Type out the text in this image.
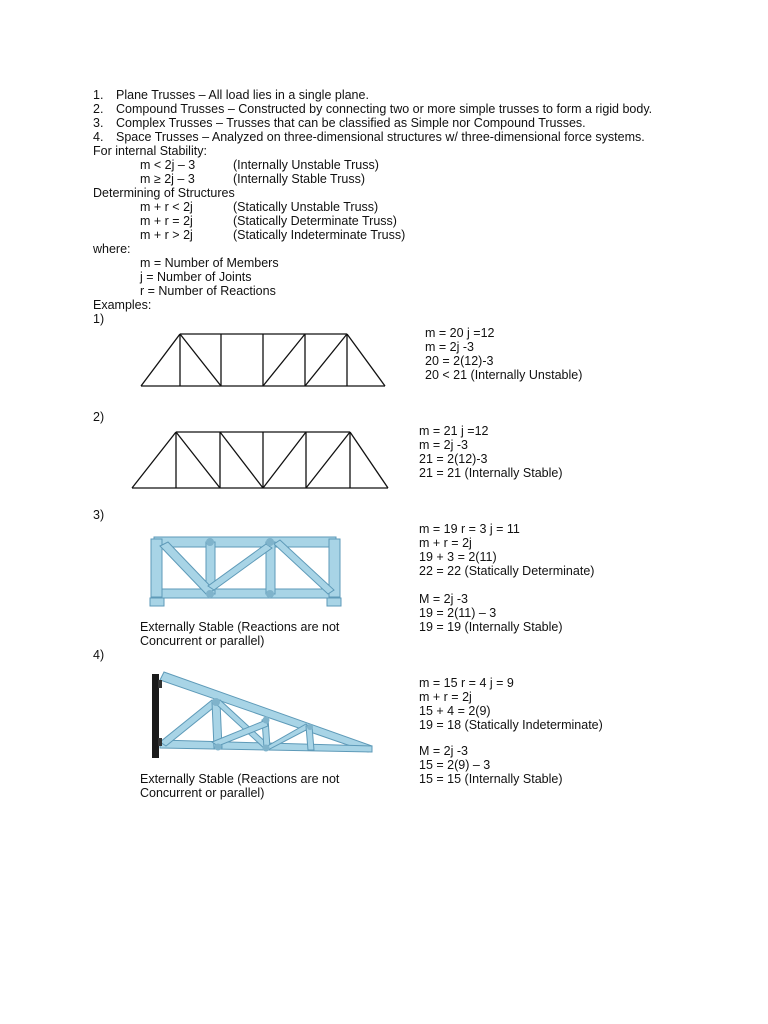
1. Plane Trusses – All load lies in a single plane.
2. Compound Trusses – Constructed by connecting two or more simple trusses to form a rigid body.
3. Complex Trusses – Trusses that can be classified as Simple nor Compound Trusses.
4. Space Trusses – Analyzed on three-dimensional structures w/ three-dimensional force systems.
For internal Stability:
m < 2j – 3	(Internally Unstable Truss)
m ≥ 2j – 3	(Internally Stable Truss)
Determining of Structures
m + r < 2j	(Statically Unstable Truss)
m + r = 2j	(Statically Determinate Truss)
m + r > 2j	(Statically Indeterminate Truss)
where:
m = Number of Members
j = Number of Joints
r = Number of Reactions
Examples:
1)
m = 20 j =12
m = 2j -3
20 = 2(12)-3
20 < 21 (Internally Unstable)
2)
m = 21 j =12
m = 2j -3
21 = 2(12)-3
21 = 21 (Internally Stable)
3)
Externally Stable (Reactions are not
Concurrent or parallel)
m = 19 r = 3 j = 11
m + r = 2j
19 + 3 = 2(11)
22 = 22 (Statically Determinate)
M = 2j -3
19 = 2(11) – 3
19 = 19 (Internally Stable)
4)
Externally Stable (Reactions are not
Concurrent or parallel)
m = 15 r = 4 j = 9
m + r = 2j
15 + 4 = 2(9)
19 = 18 (Statically Indeterminate)
M = 2j -3
15 = 2(9) – 3
15 = 15 (Internally Stable)
